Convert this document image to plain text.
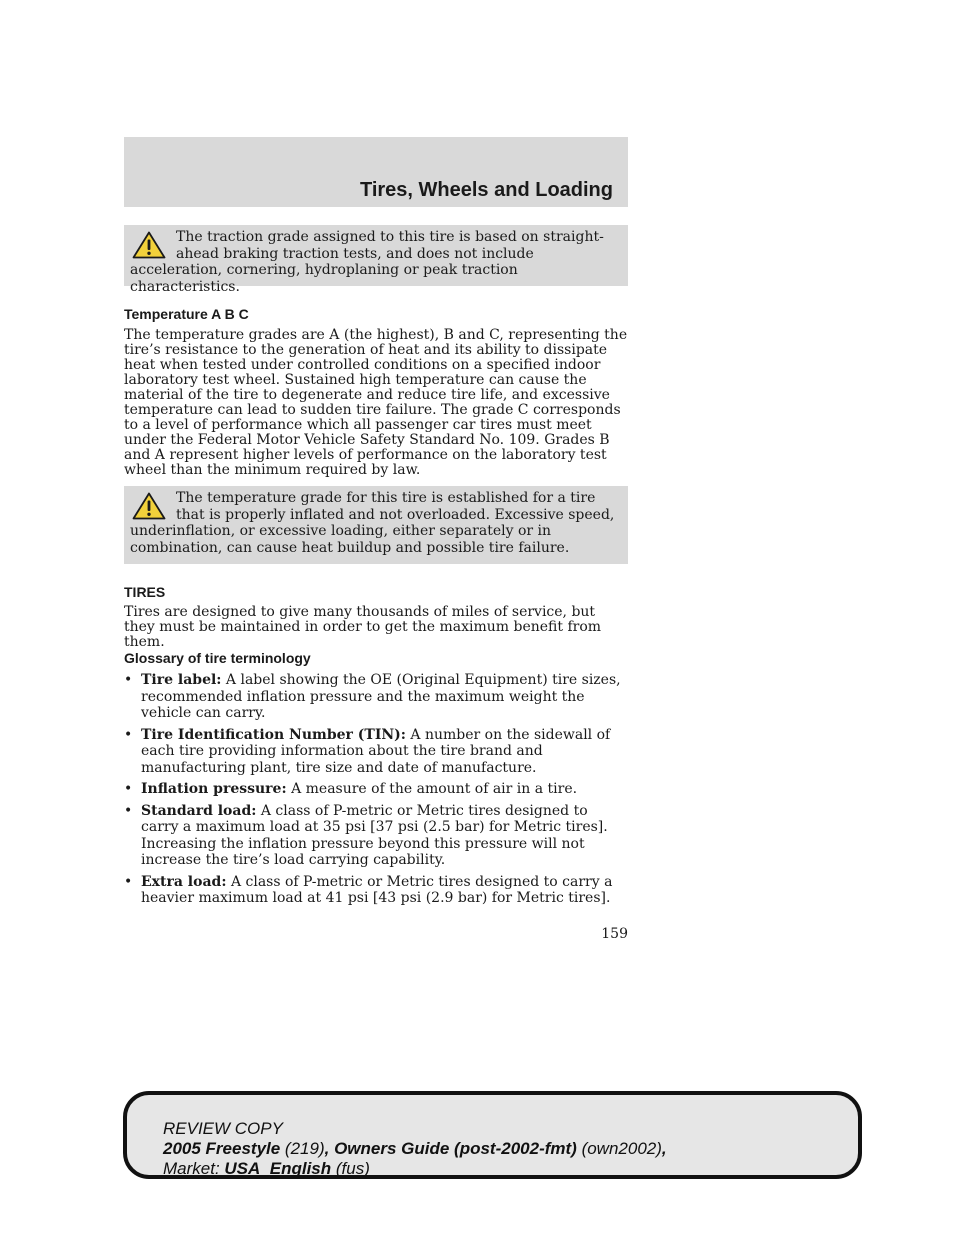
Tires, Wheels and Loading
The traction grade assigned to this tire is based on straight-ahead braking traction tests, and does not include acceleration, cornering, hydroplaning or peak traction characteristics.
Temperature A B C

The temperature grades are A (the highest), B and C, representing the tire’s resistance to the generation of heat and its ability to dissipate heat when tested under controlled conditions on a specified indoor laboratory test wheel. Sustained high temperature can cause the material of the tire to degenerate and reduce tire life, and excessive temperature can lead to sudden tire failure. The grade C corresponds to a level of performance which all passenger car tires must meet under the Federal Motor Vehicle Safety Standard No. 109. Grades B and A represent higher levels of performance on the laboratory test wheel than the minimum required by law.

The temperature grade for this tire is established for a tire that is properly inflated and not overloaded. Excessive speed, underinflation, or excessive loading, either separately or in combination, can cause heat buildup and possible tire failure.
TIRES

Tires are designed to give many thousands of miles of service, but they must be maintained in order to get the maximum benefit from them.

Glossary of tire terminology
• Tire label: A label showing the OE (Original Equipment) tire sizes, recommended inflation pressure and the maximum weight the vehicle can carry.
• Tire Identification Number (TIN): A number on the sidewall of each tire providing information about the tire brand and manufacturing plant, tire size and date of manufacture.
• Inflation pressure: A measure of the amount of air in a tire.
• Standard load: A class of P-metric or Metric tires designed to carry a maximum load at 35 psi [37 psi (2.5 bar) for Metric tires]. Increasing the inflation pressure beyond this pressure will not increase the tire’s load carrying capability.
• Extra load: A class of P-metric or Metric tires designed to carry a heavier maximum load at 41 psi [43 psi (2.9 bar) for Metric tires].
159
REVIEW COPY
2005 Freestyle (219), Owners Guide (post-2002-fmt) (own2002),
Market: USA_English (fus)
